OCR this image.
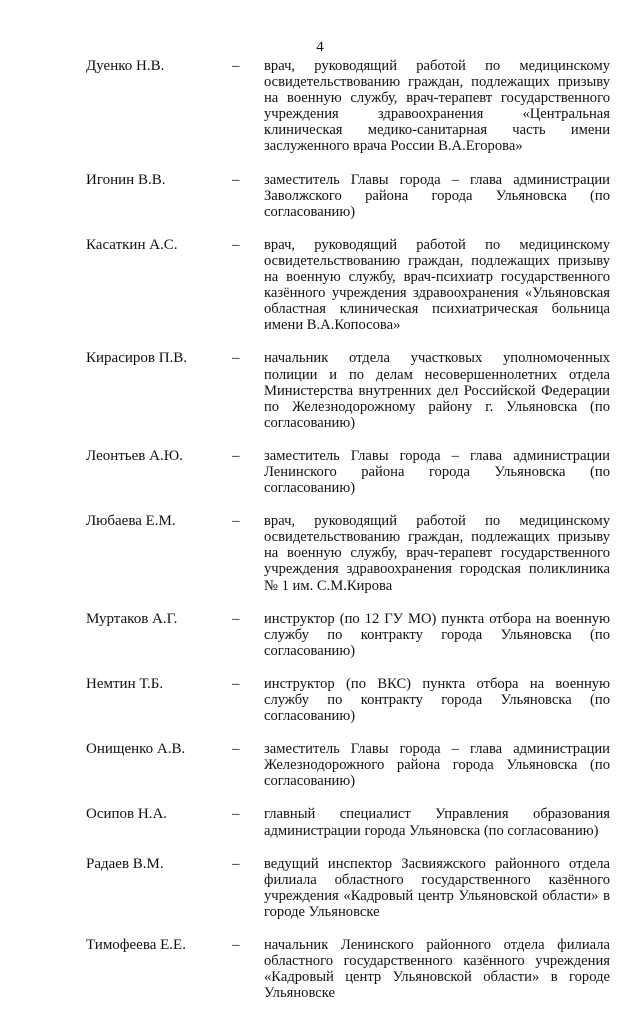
4
Дуенко Н.В.	–	врач, руководящий работой по медицинскому освидетельствованию граждан, подлежащих призыву на военную службу, врач-терапевт государственного учреждения здравоохранения «Центральная клиническая медико-санитарная часть имени заслуженного врача России В.А.Егорова»
Игонин В.В.	–	заместитель Главы города – глава администрации Заволжского района города Ульяновска (по согласованию)
Касаткин А.С.	–	врач, руководящий работой по медицинскому освидетельствованию граждан, подлежащих призыву на военную службу, врач-психиатр государственного казённого учреждения здравоохранения «Ульяновская областная клиническая психиатрическая больница имени В.А.Копосова»
Кирасиров П.В.	–	начальник отдела участковых уполномоченных полиции и по делам несовершеннолетних отдела Министерства внутренних дел Российской Федерации по Железнодорожному району г. Ульяновска (по согласованию)
Леонтьев А.Ю.	–	заместитель Главы города – глава администрации Ленинского района города Ульяновска (по согласованию)
Любаева Е.М.	–	врач, руководящий работой по медицинскому освидетельствованию граждан, подлежащих призыву на военную службу, врач-терапевт государственного учреждения здравоохранения городская поликлиника № 1 им. С.М.Кирова
Муртаков А.Г.	–	инструктор (по 12 ГУ МО) пункта отбора на военную службу по контракту города Ульяновска (по согласованию)
Немтин Т.Б.	–	инструктор (по ВКС) пункта отбора на военную службу по контракту города Ульяновска (по согласованию)
Онищенко А.В.	–	заместитель Главы города – глава администрации Железнодорожного района города Ульяновска (по согласованию)
Осипов Н.А.	–	главный специалист Управления образования администрации города Ульяновска (по согласованию)
Радаев В.М.	–	ведущий инспектор Засвияжского районного отдела филиала областного государственного казённого учреждения «Кадровый центр Ульяновской области» в городе Ульяновске
Тимофеева Е.Е.	–	начальник Ленинского районного отдела филиала областного государственного казённого учреждения «Кадровый центр Ульяновской области» в городе Ульяновске
